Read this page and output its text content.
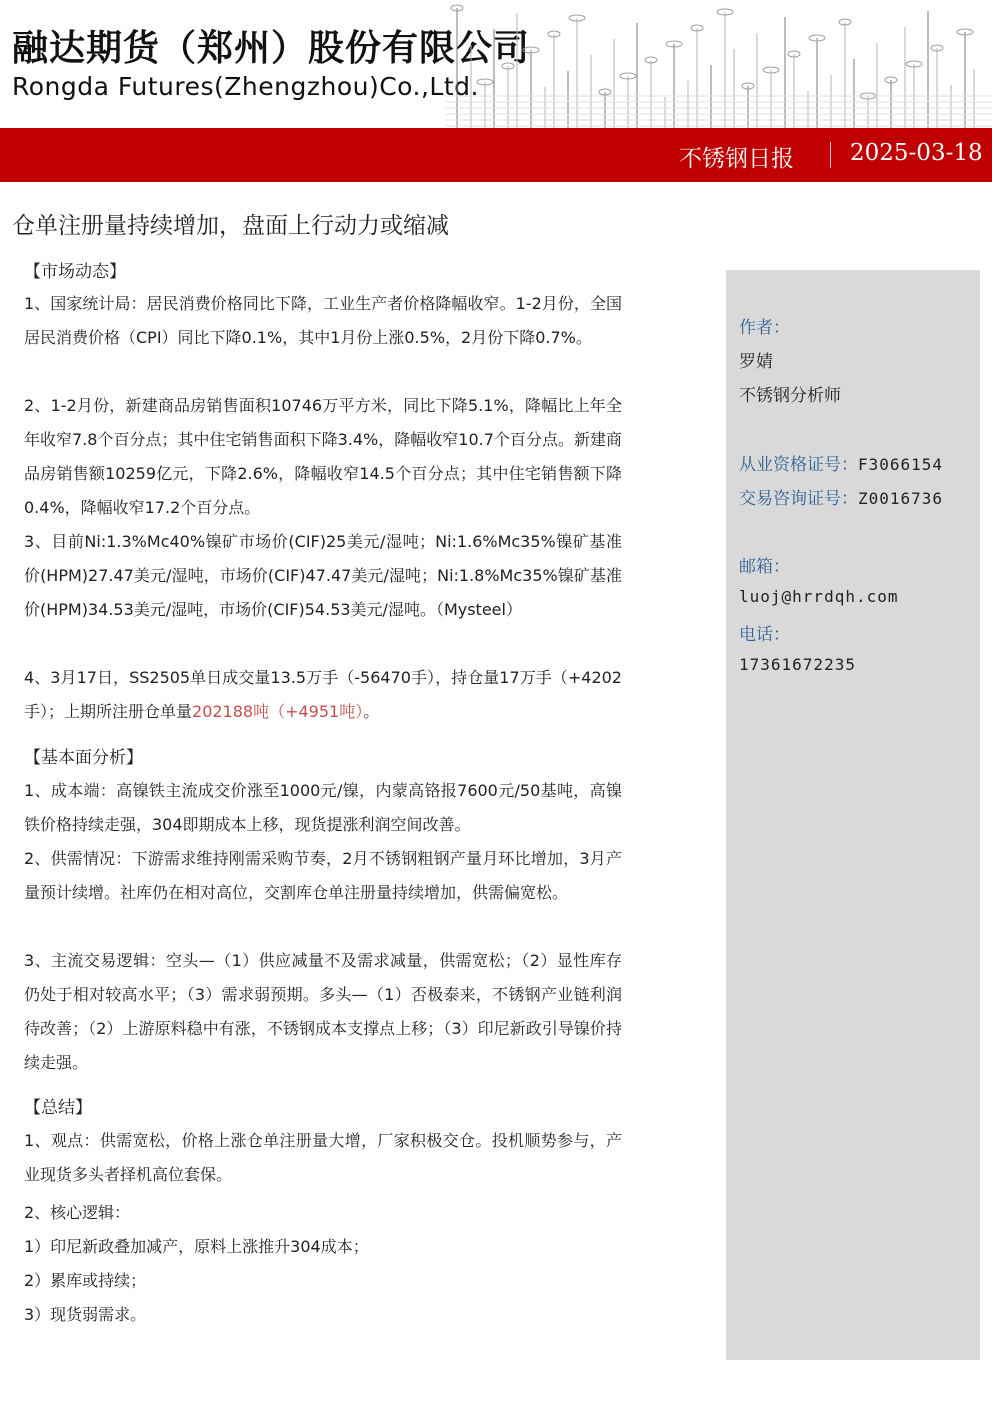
融达期货（郑州）股份有限公司
Rongda Futures(Zhengzhou)Co.,Ltd.
不锈钢日报 2025-03-18
仓单注册量持续增加，盘面上行动力或缩减
【市场动态】
1、国家统计局：居民消费价格同比下降，工业生产者价格降幅收窄。1-2月份，全国居民消费价格（CPI）同比下降0.1%，其中1月份上涨0.5%，2月份下降0.7%。
2、1-2月份，新建商品房销售面积10746万平方米，同比下降5.1%，降幅比上年全年收窄7.8个百分点；其中住宅销售面积下降3.4%，降幅收窄10.7个百分点。新建商品房销售额10259亿元，下降2.6%，降幅收窄14.5个百分点；其中住宅销售额下降0.4%，降幅收窄17.2个百分点。
3、目前Ni:1.3%Mc40%镍矿市场价(CIF)25美元/湿吨；Ni:1.6%Mc35%镍矿基准价(HPM)27.47美元/湿吨，市场价(CIF)47.47美元/湿吨；Ni:1.8%Mc35%镍矿基准价(HPM)34.53美元/湿吨，市场价(CIF)54.53美元/湿吨。（Mysteel）
4、3月17日，SS2505单日成交量13.5万手（-56470手），持仓量17万手（+4202手）；上期所注册仓单量202188吨（+4951吨）。
【基本面分析】
1、成本端：高镍铁主流成交价涨至1000元/镍，内蒙高铬报7600元/50基吨，高镍铁价格持续走强，304即期成本上移，现货提涨利润空间改善。
2、供需情况：下游需求维持刚需采购节奏，2月不锈钢粗钢产量月环比增加，3月产量预计续增。社库仍在相对高位，交割库仓单注册量持续增加，供需偏宽松。
3、主流交易逻辑：空头—（1）供应减量不及需求减量，供需宽松；（2）显性库存仍处于相对较高水平；（3）需求弱预期。多头—（1）否极泰来，不锈钢产业链利润待改善；（2）上游原料稳中有涨，不锈钢成本支撑点上移；（3）印尼新政引导镍价持续走强。
【总结】
1、观点：供需宽松，价格上涨仓单注册量大增，厂家积极交仓。投机顺势参与，产业现货多头者择机高位套保。
2、核心逻辑：
1）印尼新政叠加减产，原料上涨推升304成本；
2）累库或持续；
3）现货弱需求。
作者：
罗婧
不锈钢分析师
从业资格证号：F3066154
交易咨询证号：Z0016736
邮箱：
luoj@hrrdqh.com
电话：
17361672235
